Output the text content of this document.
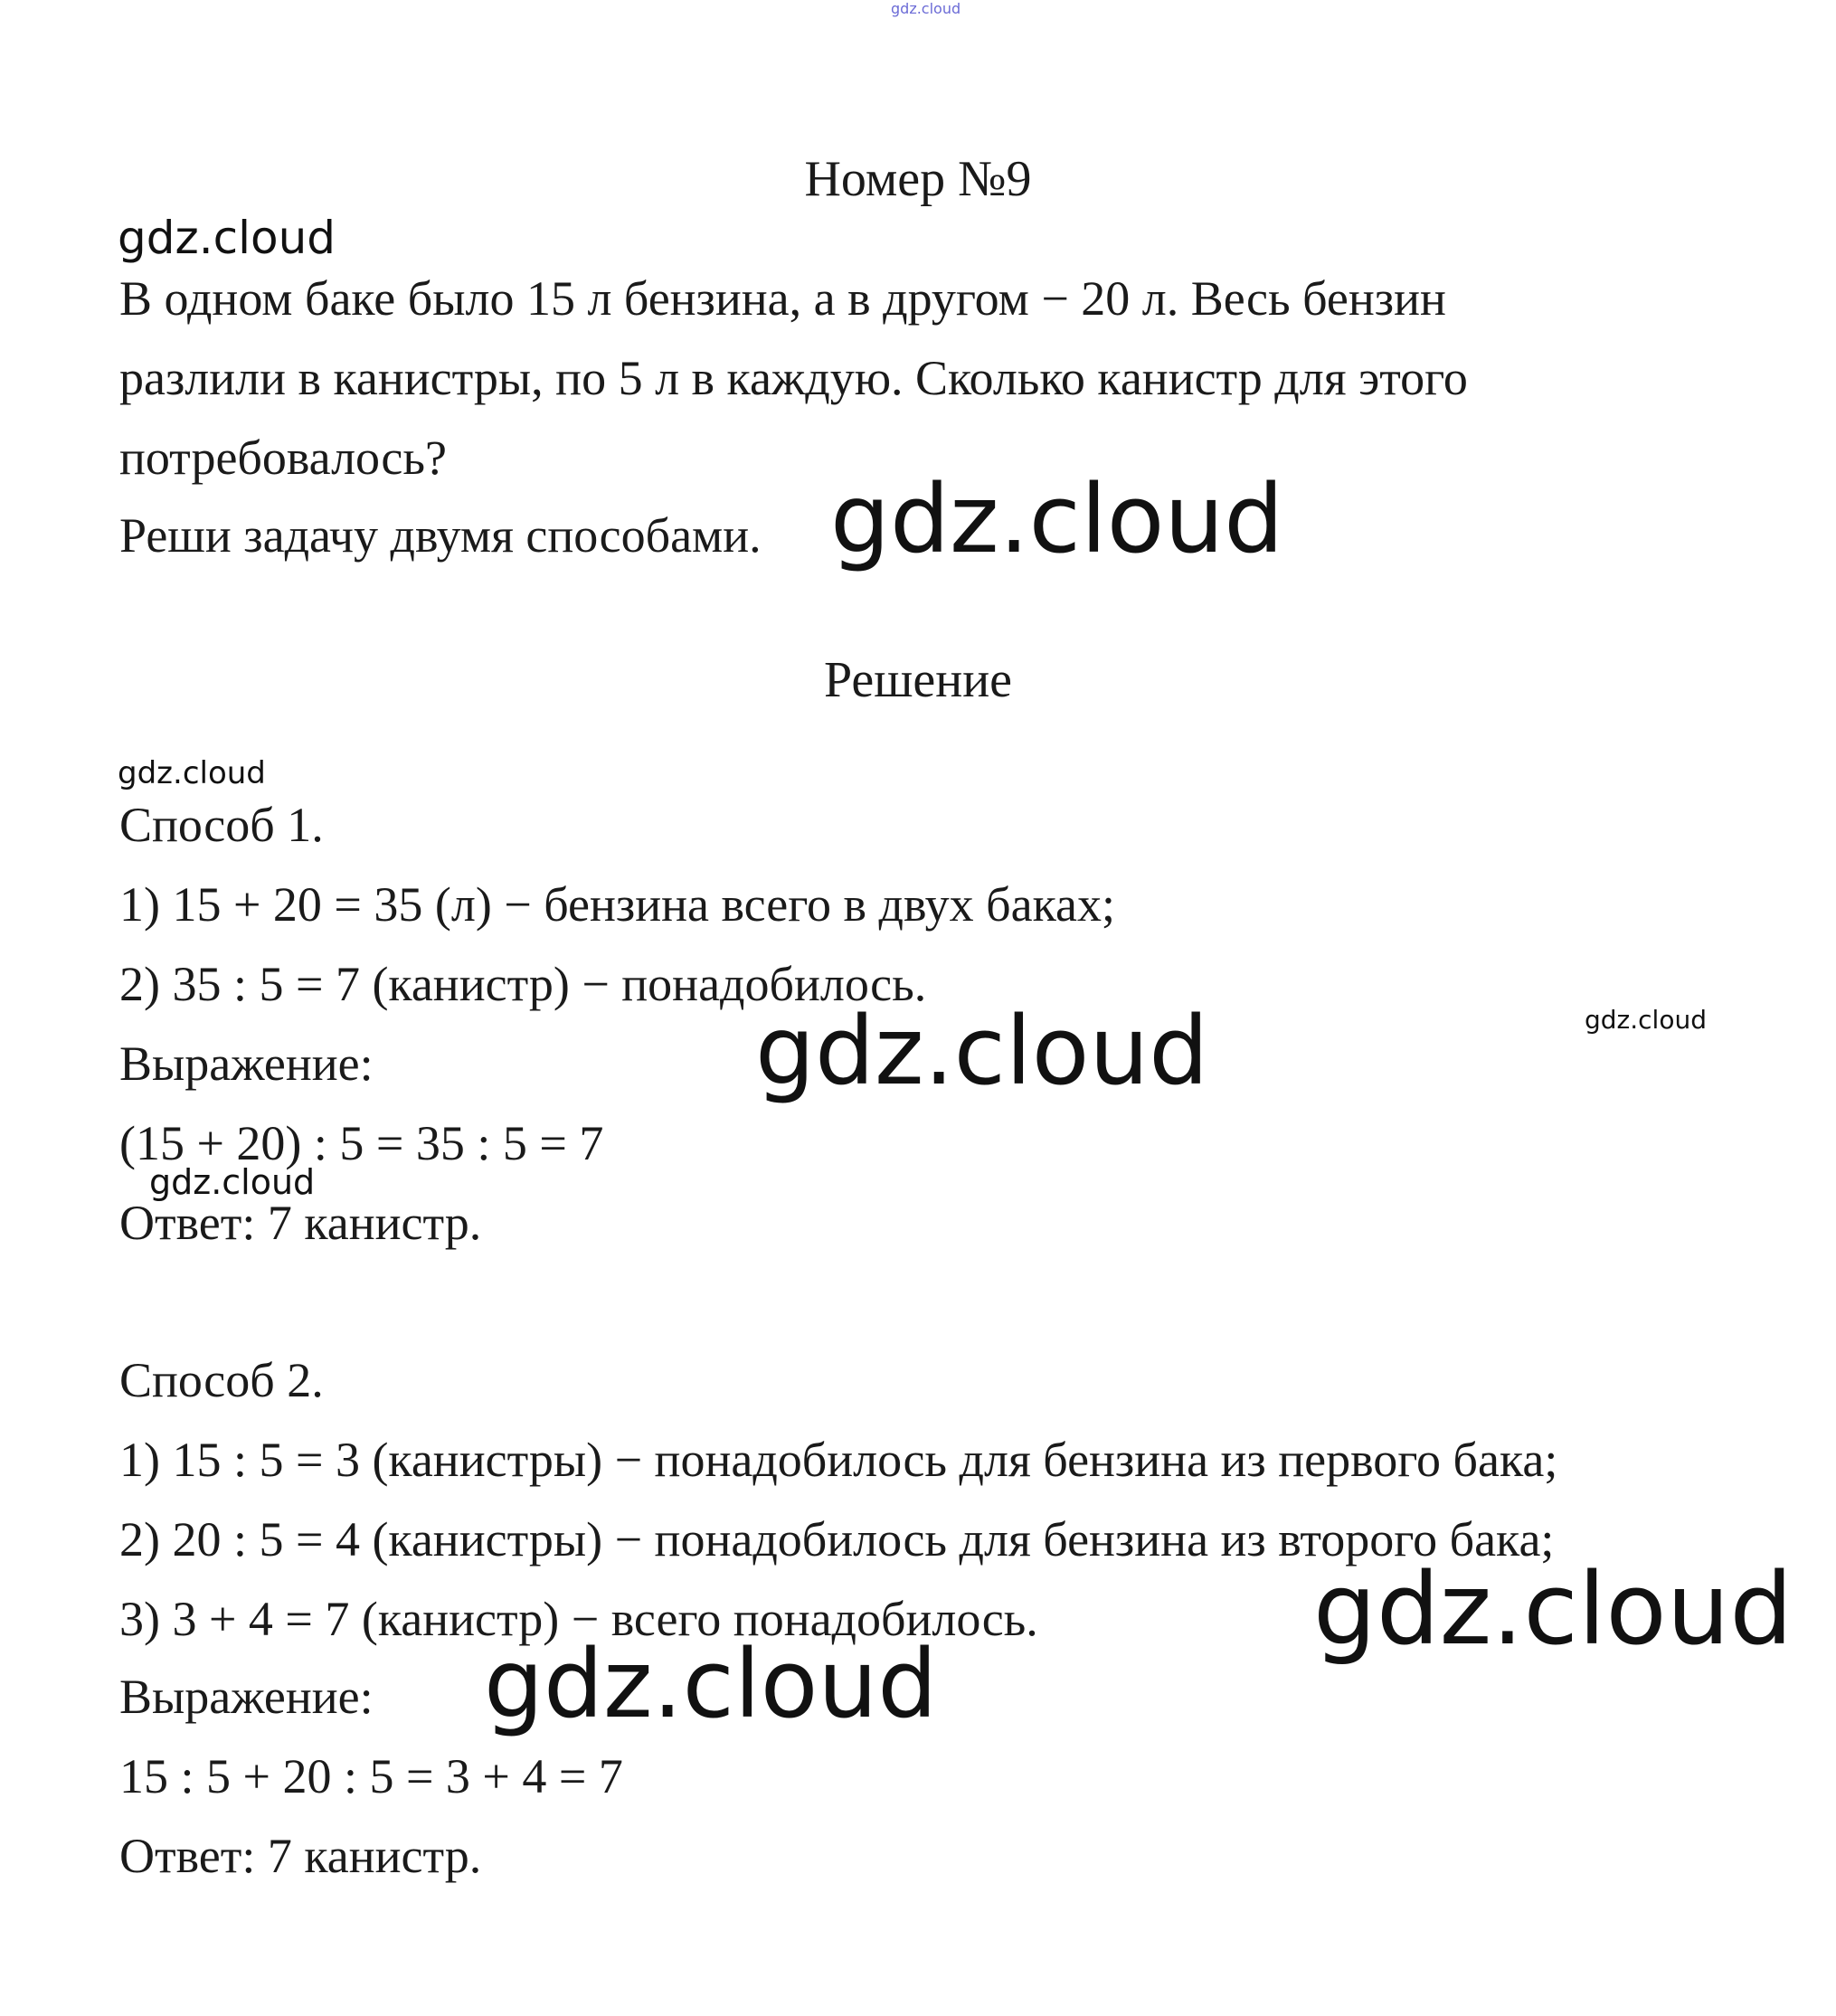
gdz.cloud
Номер №9
gdz.cloud
В одном баке было 15 л бензина, а в другом − 20 л. Весь бензин
разлили в канистры, по 5 л в каждую. Сколько канистр для этого
потребовалось?
Реши задачу двумя способами. gdz.cloud
Решение
gdz.cloud
Способ 1.
1) 15 + 20 = 35 (л) − бензина всего в двух баках;
2) 35 : 5 = 7 (канистр) − понадобилось.
gdz.cloud	gdz.cloud
Выражение:
(15 + 20) : 5 = 35 : 5 = 7
gdz.cloud
Ответ: 7 канистр.
Способ 2.
1) 15 : 5 = 3 (канистры) − понадобилось для бензина из первого бака;
2) 20 : 5 = 4 (канистры) − понадобилось для бензина из второго бака;
3) 3 + 4 = 7 (канистр) − всего понадобилось.	gdz.cloud
gdz.cloud
Выражение:
15 : 5 + 20 : 5 = 3 + 4 = 7
Ответ: 7 канистр.
